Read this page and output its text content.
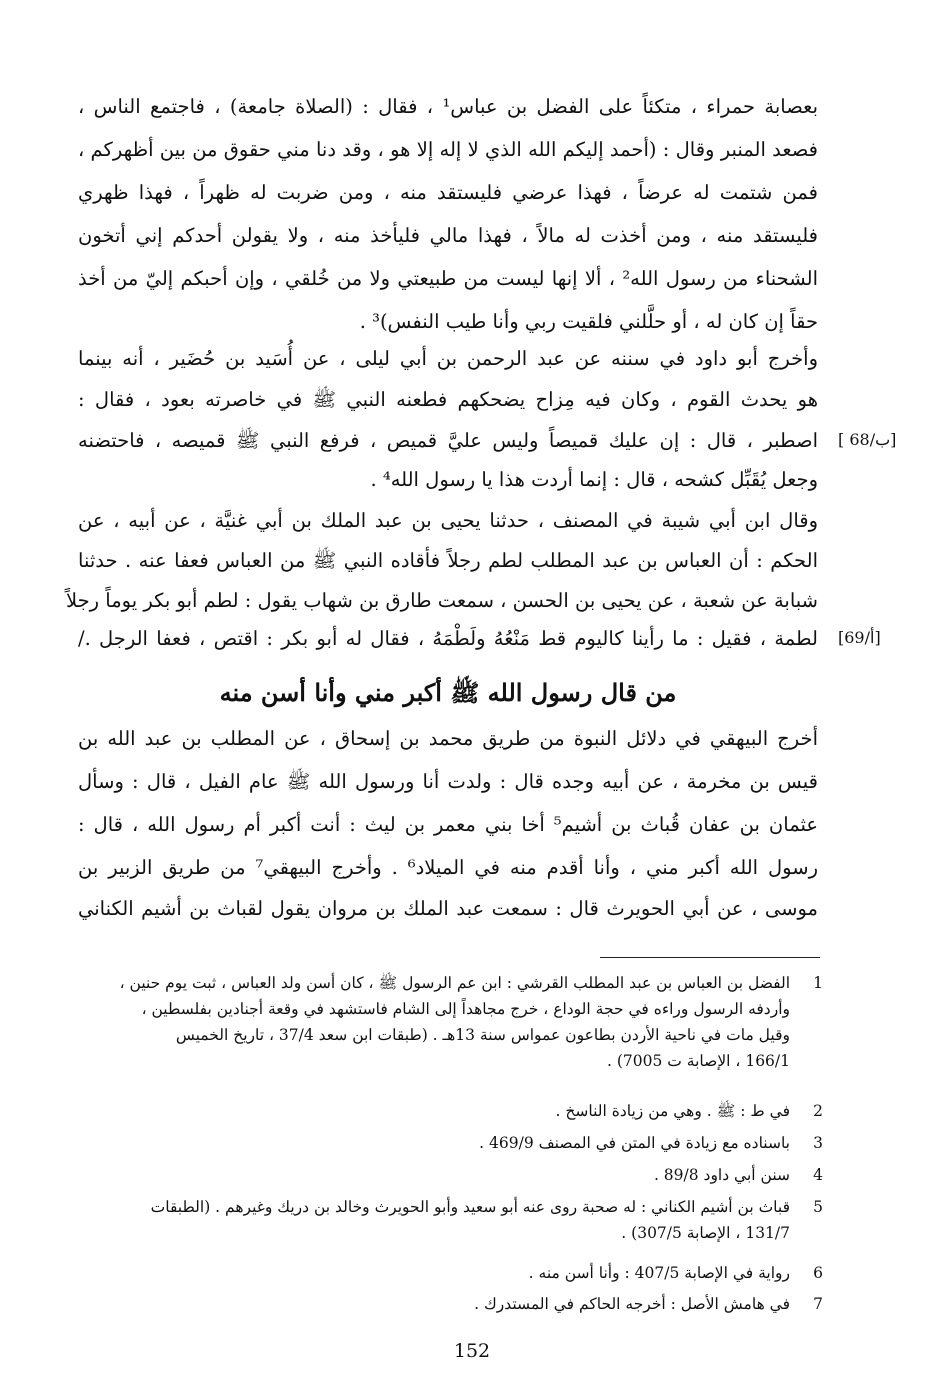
بعصابة حمراء ، متكئاً على الفضل بن عباس¹ ، فقال : (الصلاة جامعة) ، فاجتمع الناس ،
فصعد المنبر وقال : (أحمد إليكم الله الذي لا إله إلا هو ، وقد دنا مني حقوق من بين أظهركم ،
فمن شتمت له عرضاً ، فهذا عرضي فليستقد منه ، ومن ضربت له ظهراً ، فهذا ظهري
فليستقد منه ، ومن أخذت له مالاً ، فهذا مالي فليأخذ منه ، ولا يقولن أحدكم إني أتخون
الشحناء من رسول الله² ، ألا إنها ليست من طبيعتي ولا من خُلقي ، وإن أحبكم إليّ من أخذ
حقاً إن كان له ، أو حلَّلني فلقيت ربي وأنا طيب النفس)³ .
وأخرج أبو داود في سننه عن عبد الرحمن بن أبي ليلى ، عن أُسَيد بن حُضَير ، أنه بينما
هو يحدث القوم ، وكان فيه مِزاح يضحكهم فطعنه النبي ﷺ في خاصرته بعود ، فقال :
اصطبر ، قال : إن عليك قميصاً وليس عليَّ قميص ، فرفع النبي ﷺ قميصه ، فاحتضنه
وجعل يُقَبِّل كشحه ، قال : إنما أردت هذا يا رسول الله⁴ .
وقال ابن أبي شيبة في المصنف ، حدثنا يحيى بن عبد الملك بن أبي غنيَّة ، عن أبيه ، عن
الحكم : أن العباس بن عبد المطلب لطم رجلاً فأقاده النبي ﷺ من العباس فعفا عنه . حدثنا
شبابة عن شعبة ، عن يحيى بن الحسن ، سمعت طارق بن شهاب يقول : لطم أبو بكر يوماً رجلاً
لطمة ، فقيل : ما رأينا كاليوم قط مَنْعُهُ ولَطْمَهُ ، فقال له أبو بكر : اقتص ، فعفا الرجل ./
[ 68/ب]
[69/أ]
من قال رسول الله ﷺ أكبر مني وأنا أسن منه
أخرج البيهقي في دلائل النبوة من طريق محمد بن إسحاق ، عن المطلب بن عبد الله بن
قيس بن مخرمة ، عن أبيه وجده قال : ولدت أنا ورسول الله ﷺ عام الفيل ، قال : وسأل
عثمان بن عفان قُباث بن أشيم⁵ أخا بني معمر بن ليث : أنت أكبر أم رسول الله ، قال :
رسول الله أكبر مني ، وأنا أقدم منه في الميلاد⁶ . وأخرج البيهقي⁷ من طريق الزبير بن
موسى ، عن أبي الحويرث قال : سمعت عبد الملك بن مروان يقول لقباث بن أشيم الكناني
1
الفضل بن العباس بن عبد المطلب القرشي : ابن عم الرسول ﷺ ، كان أسن ولد العباس ، ثبت يوم حنين ،
وأردفه الرسول وراءه في حجة الوداع ، خرج مجاهداً إلى الشام فاستشهد في وقعة أجنادين بفلسطين ،
وقيل مات في ناحية الأردن بطاعون عمواس سنة 13هـ . (طبقات ابن سعد 37/4 ، تاريخ الخميس
166/1 ، الإصابة ت 7005) .
2
في ط : ﷺ . وهي من زيادة الناسخ .
3
باسناده مع زيادة في المتن في المصنف 469/9 .
4
سنن أبي داود 89/8 .
5
قباث بن أشيم الكناني : له صحبة روى عنه أبو سعيد وأبو الحويرث وخالد بن دريك وغيرهم . (الطبقات
131/7 ، الإصابة 307/5) .
6
رواية في الإصابة 407/5 : وأنا أسن منه .
7
في هامش الأصل : أخرجه الحاكم في المستدرك .
152
